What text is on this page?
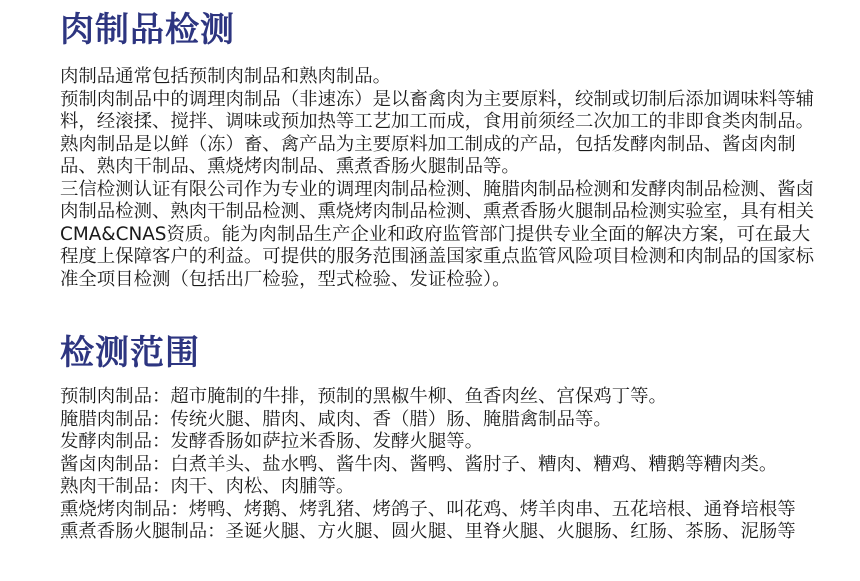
肉制品检测

肉制品通常包括预制肉制品和熟肉制品。

预制肉制品中的调理肉制品（非速冻）是以畜禽肉为主要原料，绞制或切制后添加调味料等辅料，经滚揉、搅拌、调味或预加热等工艺加工而成，食用前须经二次加工的非即食类肉制品。熟肉制品是以鲜（冻）畜、禽产品为主要原料加工制成的产品，包括发酵肉制品、酱卤肉制品、熟肉干制品、熏烧烤肉制品、熏煮香肠火腿制品等。

三信检测认证有限公司作为专业的调理肉制品检测、腌腊肉制品检测和发酵肉制品检测、酱卤肉制品检测、熟肉干制品检测、熏烧烤肉制品检测、熏煮香肠火腿制品检测实验室，具有相关CMA&CNAS资质。能为肉制品生产企业和政府监管部门提供专业全面的解决方案，可在最大程度上保障客户的利益。可提供的服务范围涵盖国家重点监管风险项目检测和肉制品的国家标准全项目检测（包括出厂检验，型式检验、发证检验）。

检测范围

预制肉制品：超市腌制的牛排，预制的黑椒牛柳、鱼香肉丝、宫保鸡丁等。

腌腊肉制品：传统火腿、腊肉、咸肉、香（腊）肠、腌腊禽制品等。

发酵肉制品：发酵香肠如萨拉米香肠、发酵火腿等。

酱卤肉制品：白煮羊头、盐水鸭、酱牛肉、酱鸭、酱肘子、糟肉、糟鸡、糟鹅等糟肉类。

熟肉干制品：肉干、肉松、肉脯等。

熏烧烤肉制品：烤鸭、烤鹅、烤乳猪、烤鸽子、叫花鸡、烤羊肉串、五花培根、通脊培根等

熏煮香肠火腿制品：圣诞火腿、方火腿、圆火腿、里脊火腿、火腿肠、红肠、茶肠、泥肠等
